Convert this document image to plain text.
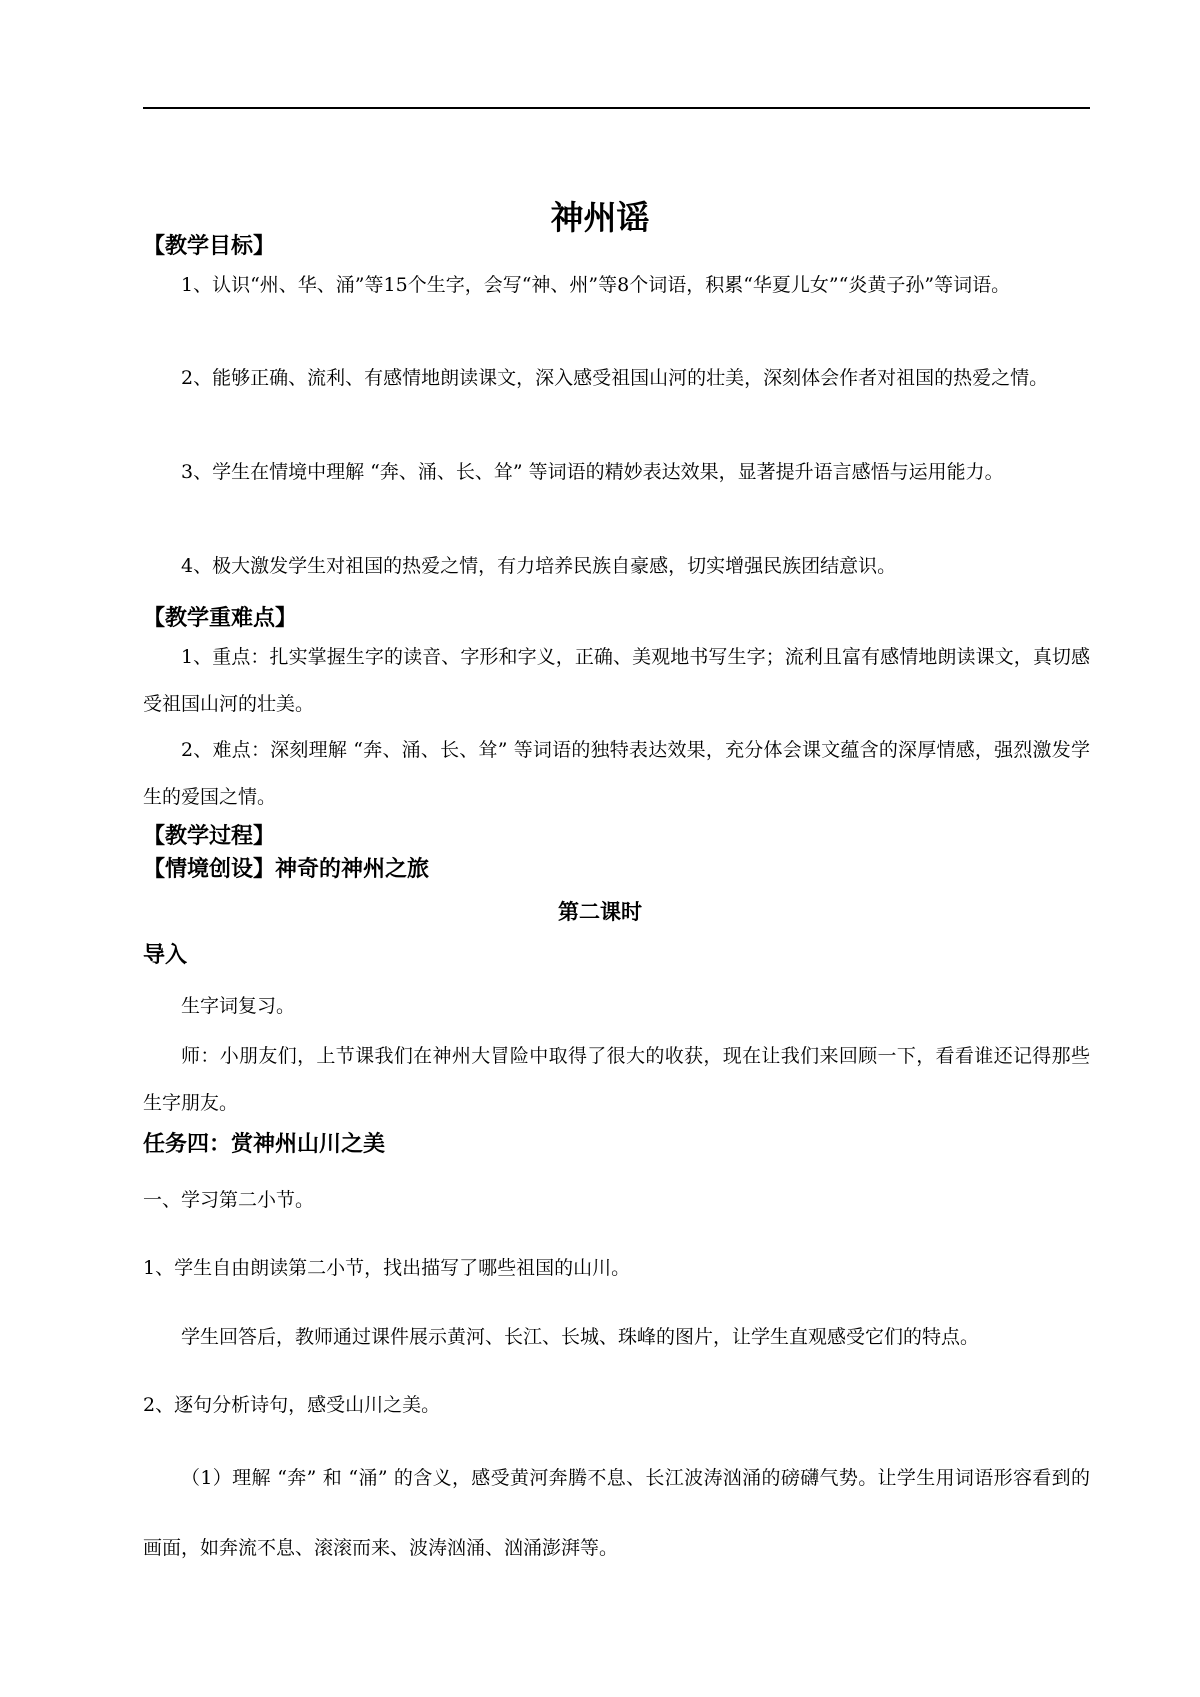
神州谣
【教学目标】
1、认识“州、华、涌”等15个生字，会写“神、州”等8个词语，积累“华夏儿女”“炎黄子孙”等词语。
2、能够正确、流利、有感情地朗读课文，深入感受祖国山河的壮美，深刻体会作者对祖国的热爱之情。
3、学生在情境中理解 “奔、涌、长、耸” 等词语的精妙表达效果，显著提升语言感悟与运用能力。
4、极大激发学生对祖国的热爱之情，有力培养民族自豪感，切实增强民族团结意识。
【教学重难点】
1、重点：扎实掌握生字的读音、字形和字义，正确、美观地书写生字；流利且富有感情地朗读课文，真切感受祖国山河的壮美。
2、难点：深刻理解 “奔、涌、长、耸” 等词语的独特表达效果，充分体会课文蕴含的深厚情感，强烈激发学生的爱国之情。
【教学过程】
【情境创设】神奇的神州之旅
第二课时
导入
生字词复习。
师：小朋友们，上节课我们在神州大冒险中取得了很大的收获，现在让我们来回顾一下，看看谁还记得那些生字朋友。
任务四：赏神州山川之美
一、学习第二小节。
1、学生自由朗读第二小节，找出描写了哪些祖国的山川。
学生回答后，教师通过课件展示黄河、长江、长城、珠峰的图片，让学生直观感受它们的特点。
2、逐句分析诗句，感受山川之美。
（1）理解 “奔” 和 “涌” 的含义，感受黄河奔腾不息、长江波涛汹涌的磅礴气势。让学生用词语形容看到的画面，如奔流不息、滚滚而来、波涛汹涌、汹涌澎湃等。
